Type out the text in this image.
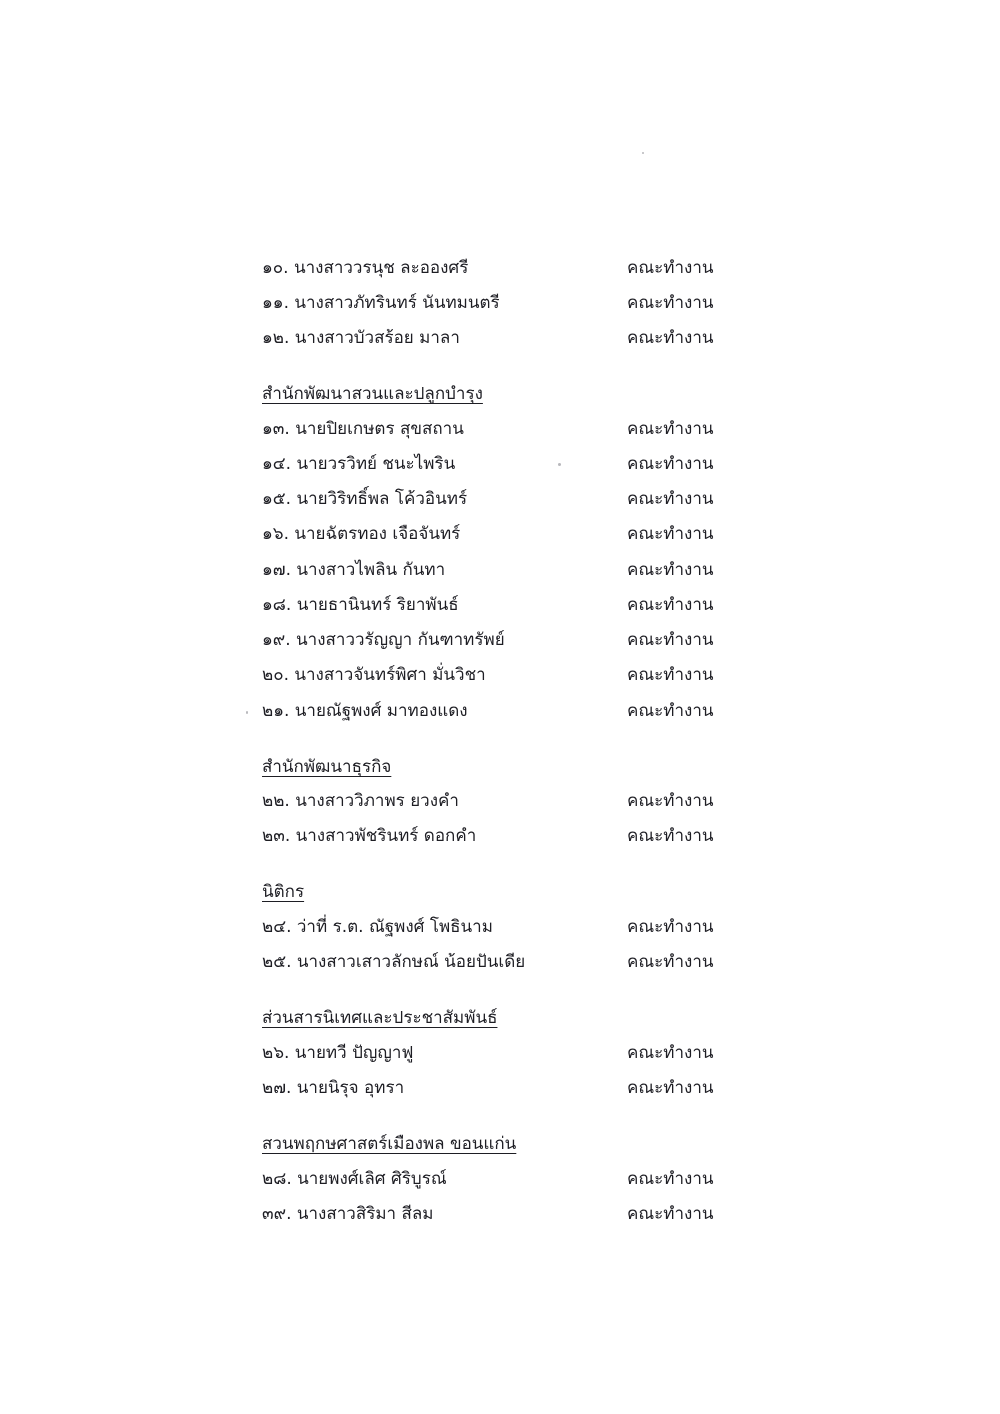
๑๐. นางสาววรนุช ละอองศรี	คณะทำงาน
๑๑. นางสาวภัทรินทร์ นันทมนตรี	คณะทำงาน
๑๒. นางสาวบัวสร้อย มาลา	คณะทำงาน
สำนักพัฒนาสวนและปลูกบำรุง
๑๓. นายปิยเกษตร สุขสถาน	คณะทำงาน
๑๔. นายวรวิทย์ ชนะไพริน	คณะทำงาน
๑๕. นายวิริทธิ์พล โค้วอินทร์	คณะทำงาน
๑๖. นายฉัตรทอง เจือจันทร์	คณะทำงาน
๑๗. นางสาวไพลิน กันทา	คณะทำงาน
๑๘. นายธานินทร์ ริยาพันธ์	คณะทำงาน
๑๙. นางสาววรัญญา กันฑาทรัพย์	คณะทำงาน
๒๐. นางสาวจันทร์พิศา มั่นวิชา	คณะทำงาน
๒๑. นายณัฐพงศ์ มาทองแดง	คณะทำงาน
สำนักพัฒนาธุรกิจ
๒๒. นางสาววิภาพร ยวงคำ	คณะทำงาน
๒๓. นางสาวพัชรินทร์ ดอกคำ	คณะทำงาน
นิติกร
๒๔. ว่าที่ ร.ต. ณัฐพงศ์ โพธินาม	คณะทำงาน
๒๕. นางสาวเสาวลักษณ์ น้อยปันเดีย	คณะทำงาน
ส่วนสารนิเทศและประชาสัมพันธ์
๒๖. นายทวี ปัญญาฟู	คณะทำงาน
๒๗. นายนิรุจ อุทรา	คณะทำงาน
สวนพฤกษศาสตร์เมืองพล ขอนแก่น
๒๘. นายพงศ์เลิศ ศิริบูรณ์	คณะทำงาน
๓๙. นางสาวสิริมา สีลม	คณะทำงาน
